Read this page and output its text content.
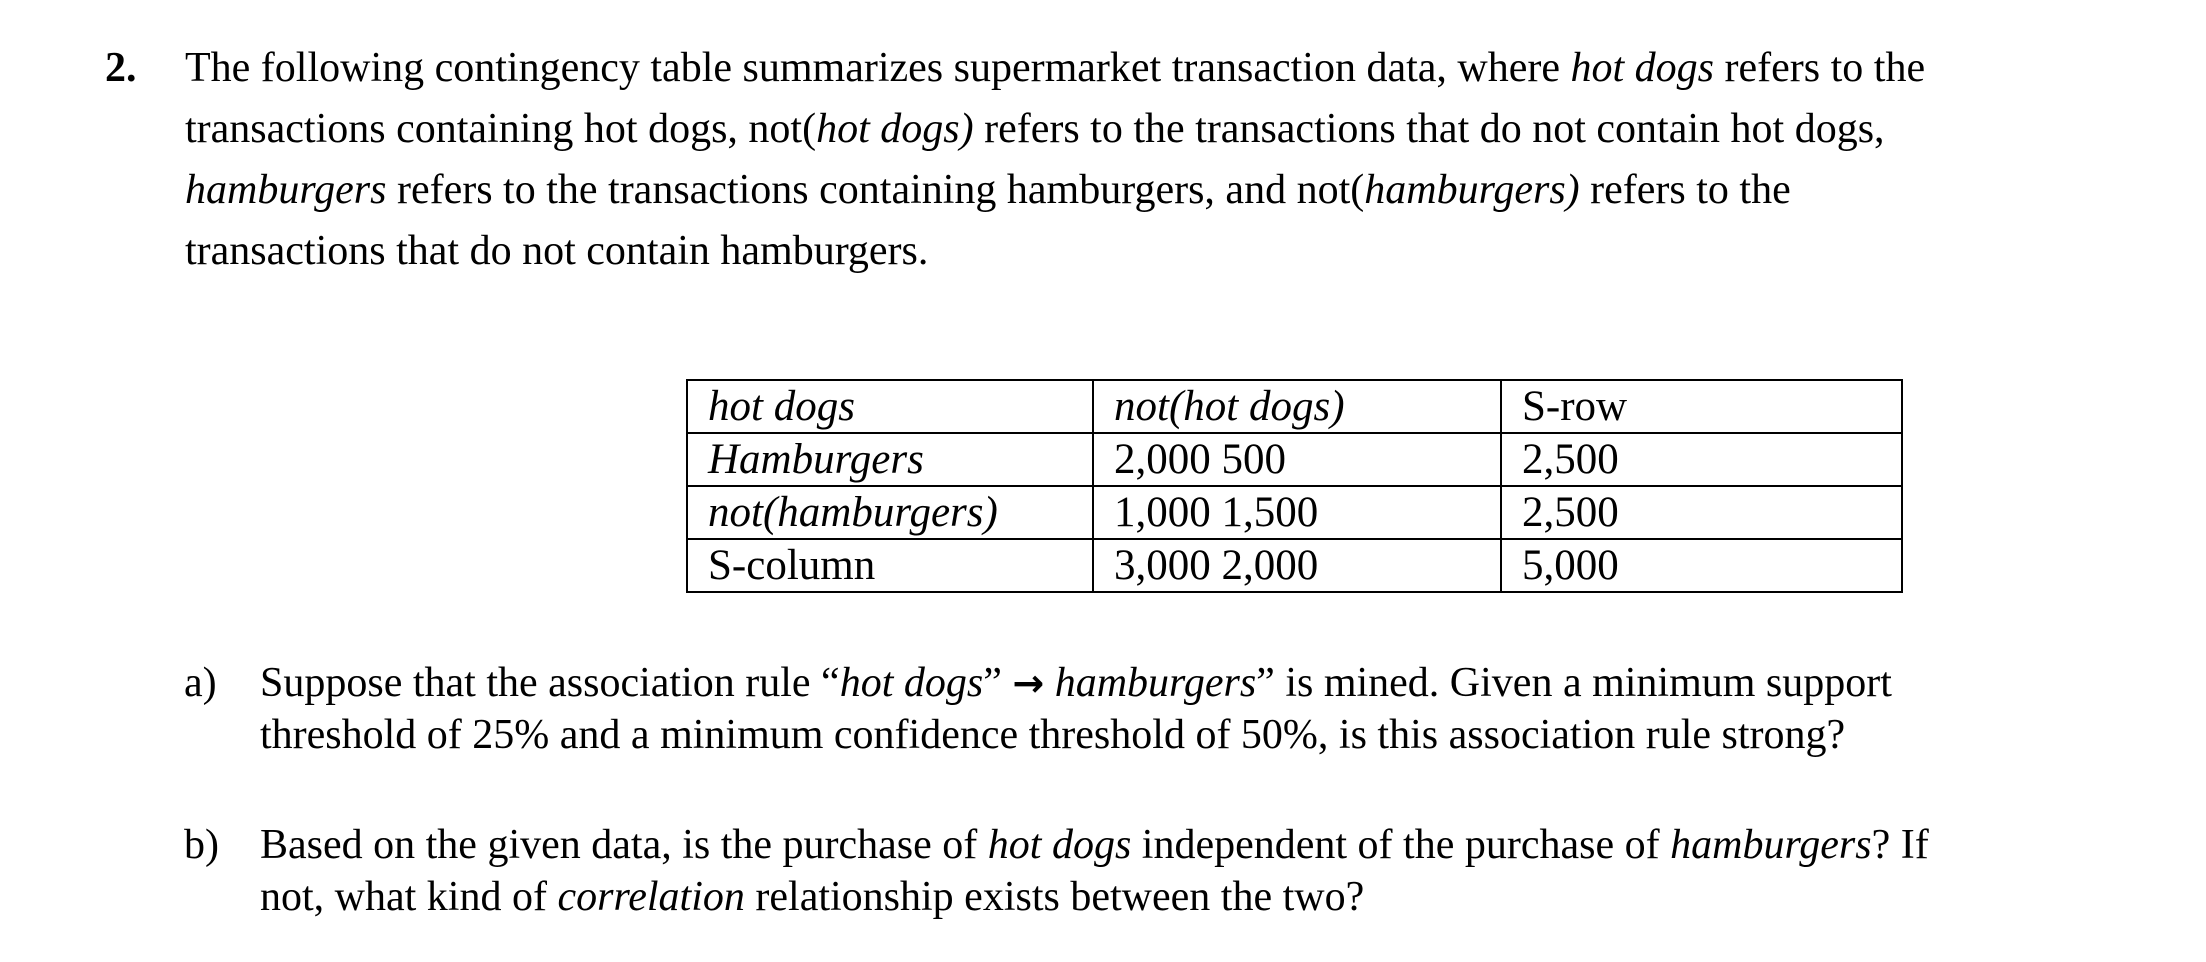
2. The following contingency table summarizes supermarket transaction data, where hot dogs refers to the
transactions containing hot dogs, not(hot dogs) refers to the transactions that do not contain hot dogs,
hamburgers refers to the transactions containing hamburgers, and not(hamburgers) refers to the
transactions that do not contain hamburgers.
hot dogs	not(hot dogs)	S-row
Hamburgers	2,000 500	2,500
not(hamburgers)	1,000 1,500	2,500
S-column	3,000 2,000	5,000
a) Suppose that the association rule “hot dogs” → hamburgers” is mined. Given a minimum support
threshold of 25% and a minimum confidence threshold of 50%, is this association rule strong?
b) Based on the given data, is the purchase of hot dogs independent of the purchase of hamburgers? If
not, what kind of correlation relationship exists between the two?
